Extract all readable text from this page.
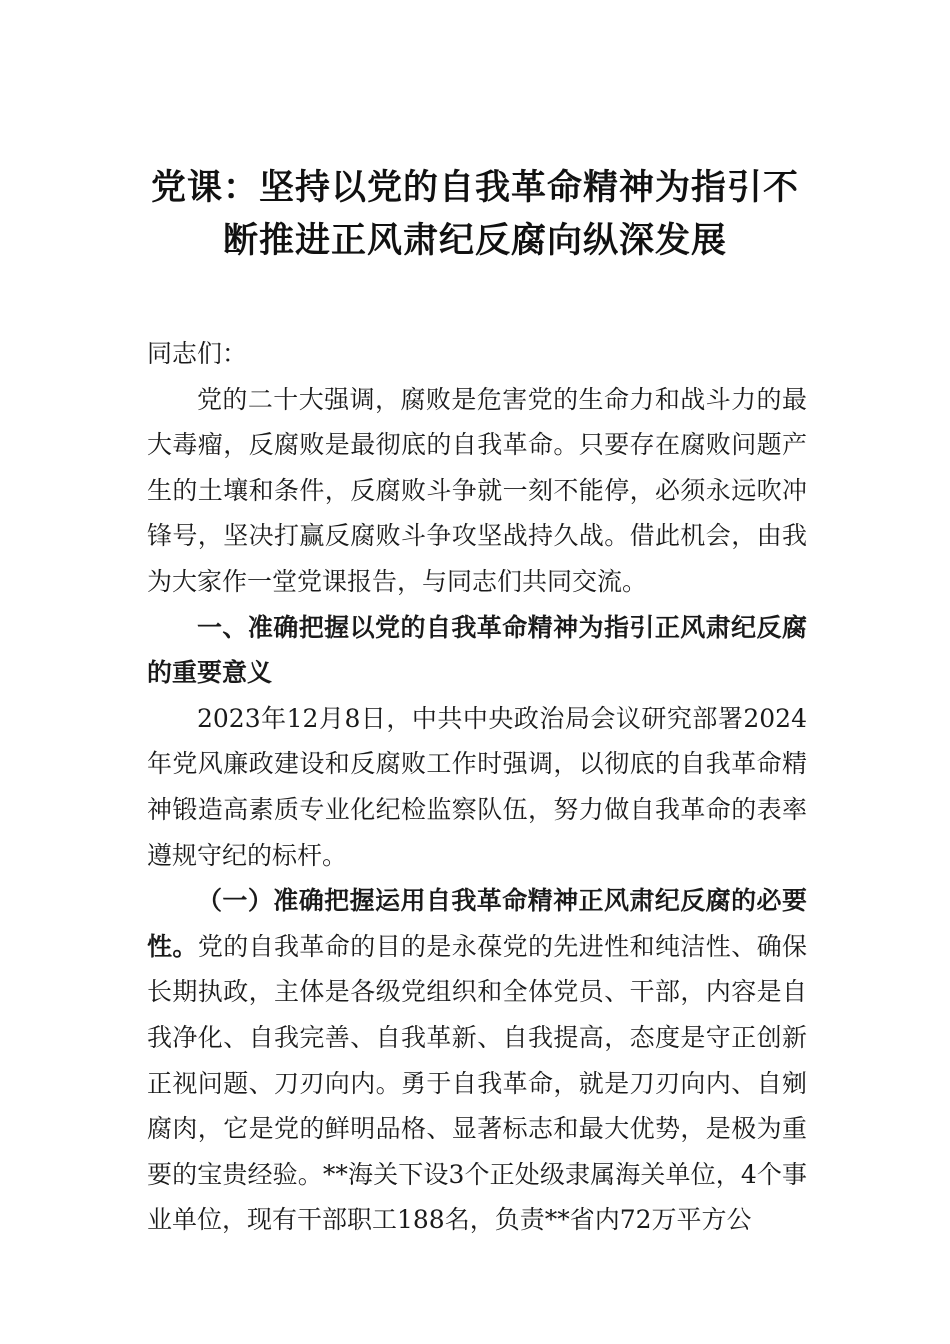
党课：坚持以党的自我革命精神为指引不
断推进正风肃纪反腐向纵深发展

同志们：

党的二十大强调，腐败是危害党的生命力和战斗力的最大毒瘤，反腐败是最彻底的自我革命。只要存在腐败问题产生的土壤和条件，反腐败斗争就一刻不能停，必须永远吹冲锋号，坚决打赢反腐败斗争攻坚战持久战。借此机会，由我为大家作一堂党课报告，与同志们共同交流。

一、准确把握以党的自我革命精神为指引正风肃纪反腐的重要意义

2023年12月8日，中共中央政治局会议研究部署2024年党风廉政建设和反腐败工作时强调，以彻底的自我革命精神锻造高素质专业化纪检监察队伍，努力做自我革命的表率遵规守纪的标杆。

（一）准确把握运用自我革命精神正风肃纪反腐的必要性。党的自我革命的目的是永葆党的先进性和纯洁性、确保长期执政，主体是各级党组织和全体党员、干部，内容是自我净化、自我完善、自我革新、自我提高，态度是守正创新正视问题、刀刃向内。勇于自我革命，就是刀刃向内、自剜腐肉，它是党的鲜明品格、显著标志和最大优势，是极为重要的宝贵经验。**海关下设3个正处级隶属海关单位，4个事业单位，现有干部职工188名，负责**省内72万平方公
